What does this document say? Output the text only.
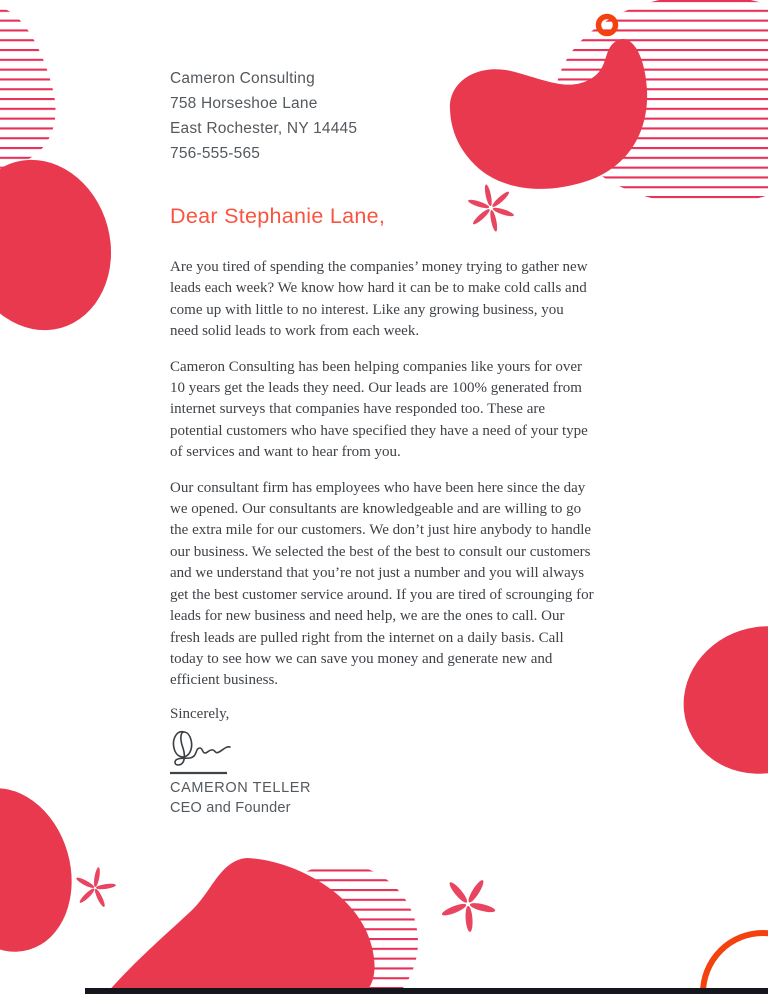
Cameron Consulting
758 Horseshoe Lane
East Rochester, NY 14445
756-555-565
Dear Stephanie Lane,

Are you tired of spending the companies’ money trying to gather new leads each week? We know how hard it can be to make cold calls and come up with little to no interest. Like any growing business, you need solid leads to work from each week.

Cameron Consulting has been helping companies like yours for over 10 years get the leads they need. Our leads are 100% generated from internet surveys that companies have responded too. These are potential customers who have specified they have a need of your type of services and want to hear from you.

Our consultant firm has employees who have been here since the day we opened. Our consultants are knowledgeable and are willing to go the extra mile for our customers. We don’t just hire anybody to handle our business. We selected the best of the best to consult our customers and we understand that you’re not just a number and you will always get the best customer service around. If you are tired of scrounging for leads for new business and need help, we are the ones to call. Our fresh leads are pulled right from the internet on a daily basis. Call today to see how we can save you money and generate new and efficient business.

Sincerely,
CAMERON TELLER
CEO and Founder
